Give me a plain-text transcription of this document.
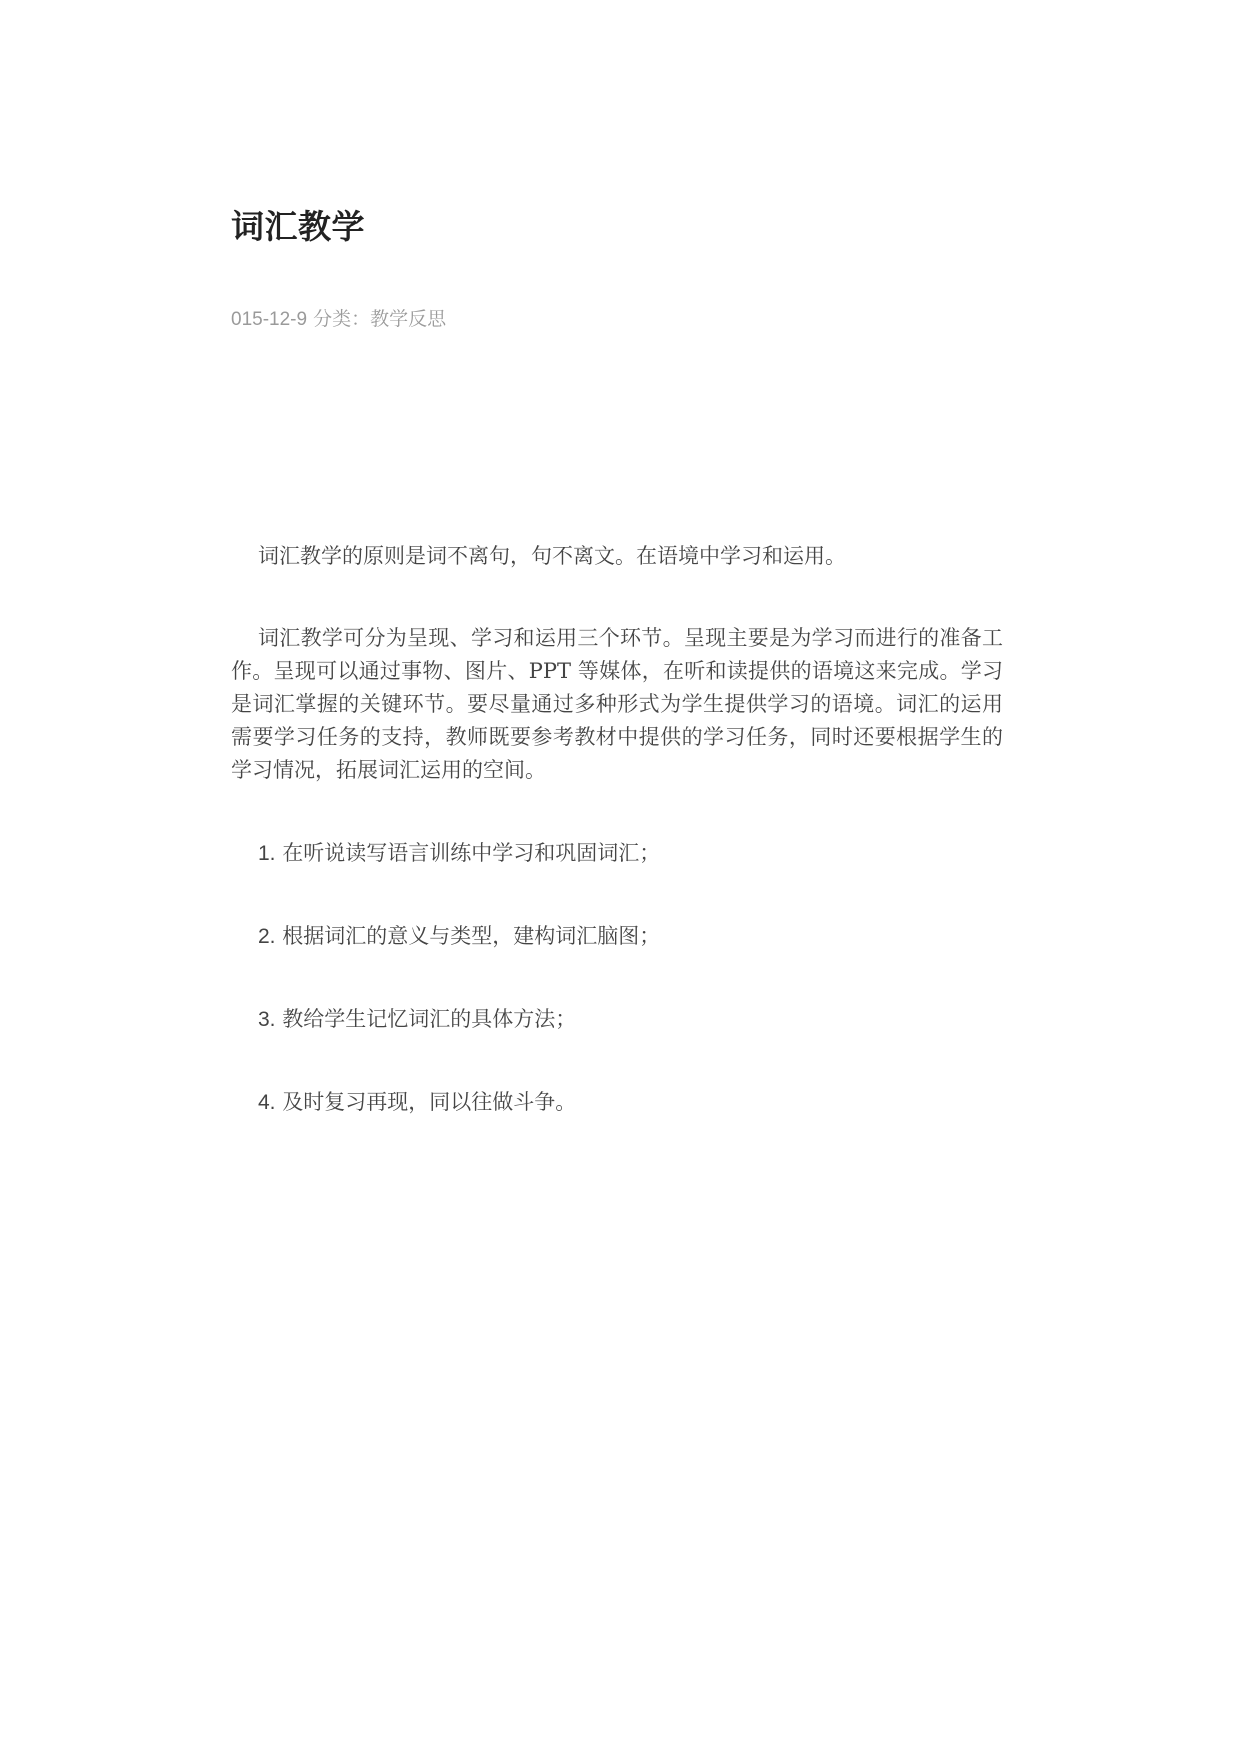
词汇教学
015-12-9 分类：教学反思

词汇教学的原则是词不离句，句不离文。在语境中学习和运用。

词汇教学可分为呈现、学习和运用三个环节。呈现主要是为学习而进行的准备工作。呈现可以通过事物、图片、PPT 等媒体，在听和读提供的语境这来完成。学习是词汇掌握的关键环节。要尽量通过多种形式为学生提供学习的语境。词汇的运用需要学习任务的支持，教师既要参考教材中提供的学习任务，同时还要根据学生的学习情况，拓展词汇运用的空间。

1. 在听说读写语言训练中学习和巩固词汇；

2. 根据词汇的意义与类型，建构词汇脑图；

3. 教给学生记忆词汇的具体方法；

4. 及时复习再现，同以往做斗争。
